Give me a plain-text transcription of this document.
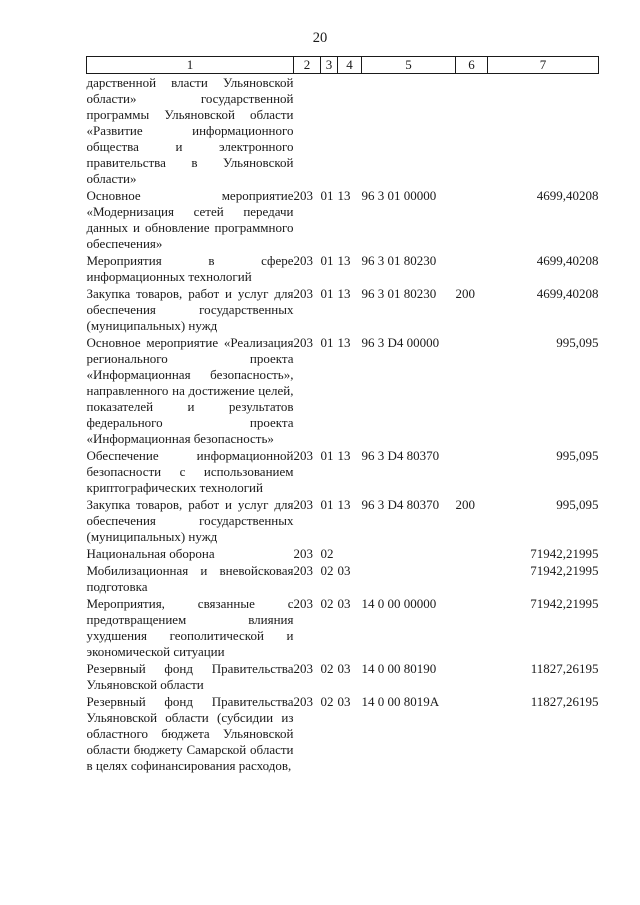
20
1	2	3	4	5	6	7
дарственной власти Ульяновской области» государственной программы Ульяновской области «Развитие информационного общества и электронного правительства в Ульяновской области»						
Основное мероприятие «Модернизация сетей передачи данных и обновление программного обеспечения»	203	01	13	96 3 01 00000		4699,40208
Мероприятия в сфере информационных технологий	203	01	13	96 3 01 80230		4699,40208
Закупка товаров, работ и услуг для обеспечения государственных (муниципальных) нужд	203	01	13	96 3 01 80230	200	4699,40208
Основное мероприятие «Реализация регионального проекта «Информационная безопасность», направленного на достижение целей, показателей и результатов федерального проекта «Информационная безопасность»	203	01	13	96 3 D4 00000		995,095
Обеспечение информационной безопасности с использованием криптографических технологий	203	01	13	96 3 D4 80370		995,095
Закупка товаров, работ и услуг для обеспечения государственных (муниципальных) нужд	203	01	13	96 3 D4 80370	200	995,095
Национальная оборона	203	02				71942,21995
Мобилизационная и вневойсковая подготовка	203	02	03			71942,21995
Мероприятия, связанные с предотвращением влияния ухудшения геополитической и экономической ситуации	203	02	03	14 0 00 00000		71942,21995
Резервный фонд Правительства Ульяновской области	203	02	03	14 0 00 80190		11827,26195
Резервный фонд Правительства Ульяновской области (субсидии из областного бюджета Ульяновской области бюджету Самарской области в целях софинансирования расходов,	203	02	03	14 0 00 8019А		11827,26195
